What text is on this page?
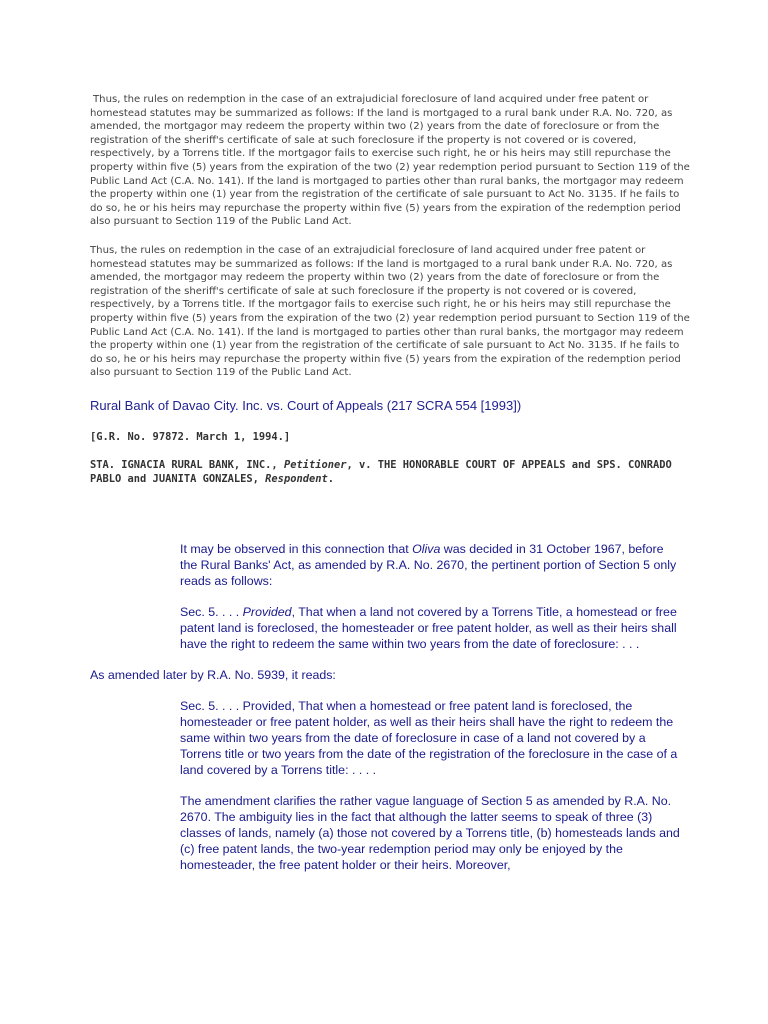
Thus, the rules on redemption in the case of an extrajudicial foreclosure of land acquired under free patent or homestead statutes may be summarized as follows: If the land is mortgaged to a rural bank under R.A. No. 720, as amended, the mortgagor may redeem the property within two (2) years from the date of foreclosure or from the registration of the sheriff's certificate of sale at such foreclosure if the property is not covered or is covered, respectively, by a Torrens title. If the mortgagor fails to exercise such right, he or his heirs may still repurchase the property within five (5) years from the expiration of the two (2) year redemption period pursuant to Section 119 of the Public Land Act (C.A. No. 141). If the land is mortgaged to parties other than rural banks, the mortgagor may redeem the property within one (1) year from the registration of the certificate of sale pursuant to Act No. 3135. If he fails to do so, he or his heirs may repurchase the property within five (5) years from the expiration of the redemption period also pursuant to Section 119 of the Public Land Act.

Thus, the rules on redemption in the case of an extrajudicial foreclosure of land acquired under free patent or homestead statutes may be summarized as follows: If the land is mortgaged to a rural bank under R.A. No. 720, as amended, the mortgagor may redeem the property within two (2) years from the date of foreclosure or from the registration of the sheriff's certificate of sale at such foreclosure if the property is not covered or is covered, respectively, by a Torrens title. If the mortgagor fails to exercise such right, he or his heirs may still repurchase the property within five (5) years from the expiration of the two (2) year redemption period pursuant to Section 119 of the Public Land Act (C.A. No. 141). If the land is mortgaged to parties other than rural banks, the mortgagor may redeem the property within one (1) year from the registration of the certificate of sale pursuant to Act No. 3135. If he fails to do so, he or his heirs may repurchase the property within five (5) years from the expiration of the redemption period also pursuant to Section 119 of the Public Land Act.

Rural Bank of Davao City. Inc. vs. Court of Appeals (217 SCRA 554 [1993])
[G.R. No. 97872. March 1, 1994.]
STA. IGNACIA RURAL BANK, INC., Petitioner, v. THE HONORABLE COURT OF APPEALS and SPS. CONRADO PABLO and JUANITA GONZALES, Respondent.

It may be observed in this connection that Oliva was decided in 31 October 1967, before the Rural Banks' Act, as amended by R.A. No. 2670, the pertinent portion of Section 5 only reads as follows:

Sec. 5. . . . Provided, That when a land not covered by a Torrens Title, a homestead or free patent land is foreclosed, the homesteader or free patent holder, as well as their heirs shall have the right to redeem the same within two years from the date of foreclosure: . . .

As amended later by R.A. No. 5939, it reads:

Sec. 5. . . . Provided, That when a homestead or free patent land is foreclosed, the homesteader or free patent holder, as well as their heirs shall have the right to redeem the same within two years from the date of foreclosure in case of a land not covered by a Torrens title or two years from the date of the registration of the foreclosure in the case of a land covered by a Torrens title: . . . .

The amendment clarifies the rather vague language of Section 5 as amended by R.A. No. 2670. The ambiguity lies in the fact that although the latter seems to speak of three (3) classes of lands, namely (a) those not covered by a Torrens title, (b) homesteads lands and (c) free patent lands, the two-year redemption period may only be enjoyed by the homesteader, the free patent holder or their heirs. Moreover,
